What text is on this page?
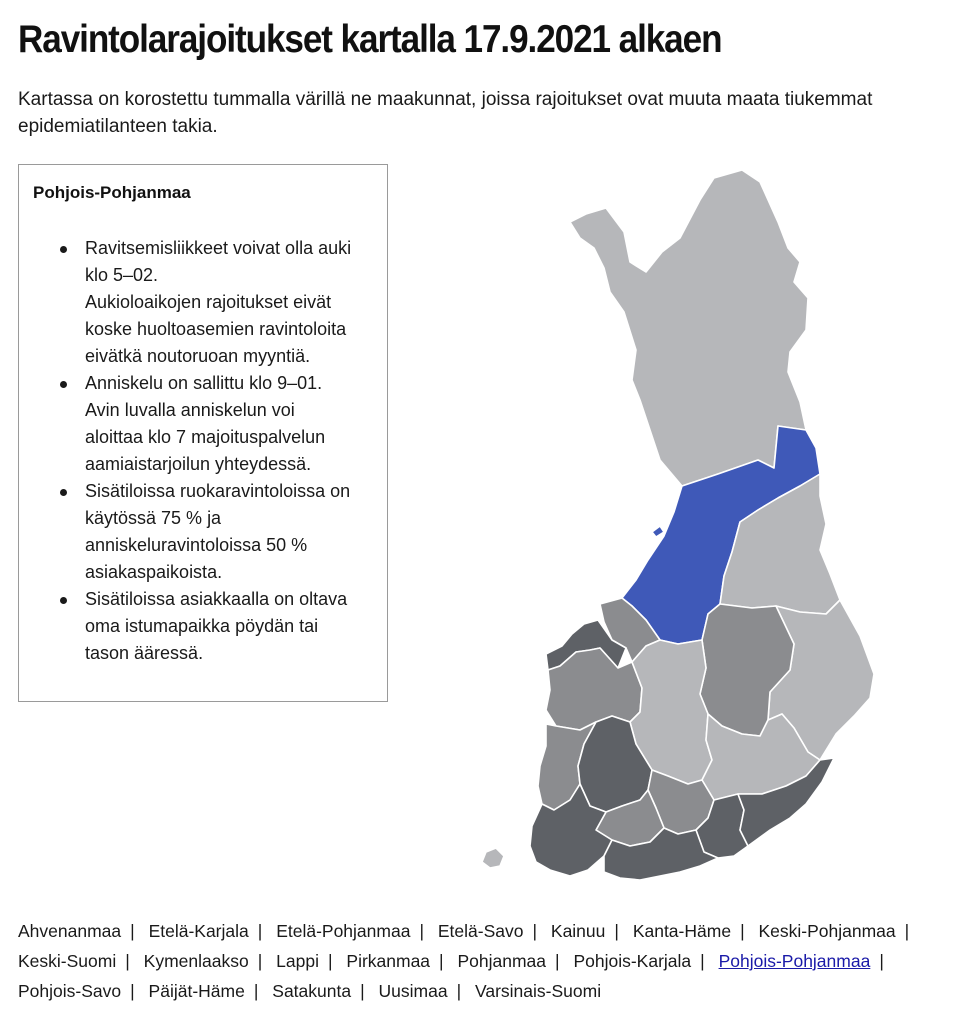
Ravintolarajoitukset kartalla 17.9.2021 alkaen

Kartassa on korostettu tummalla värillä ne maakunnat, joissa rajoitukset ovat muuta maata tiukemmat epidemiatilanteen takia.

Pohjois-Pohjanmaa
Ravitsemisliikkeet voivat olla auki
klo 5–02.
Aukioloaikojen rajoitukset eivät
koske huoltoasemien ravintoloita
eivätkä noutoruoan myyntiä.
Anniskelu on sallittu klo 9–01.
Avin luvalla anniskelun voi
aloittaa klo 7 majoituspalvelun
aamiaistarjoilun yhteydessä.
Sisätiloissa ruokaravintoloissa on
käytössä 75 % ja
anniskeluravintoloissa 50 %
asiakaspaikoista.
Sisätiloissa asiakkaalla on oltava
oma istumapaikka pöydän tai
tason ääressä.

Ahvenanmaa | Etelä-Karjala | Etelä-Pohjanmaa | Etelä-Savo | Kainuu | Kanta-Häme | Keski-Pohjanmaa | Keski-Suomi | Kymenlaakso | Lappi | Pirkanmaa | Pohjanmaa | Pohjois-Karjala | Pohjois-Pohjanmaa | Pohjois-Savo | Päijät-Häme | Satakunta | Uusimaa | Varsinais-Suomi
